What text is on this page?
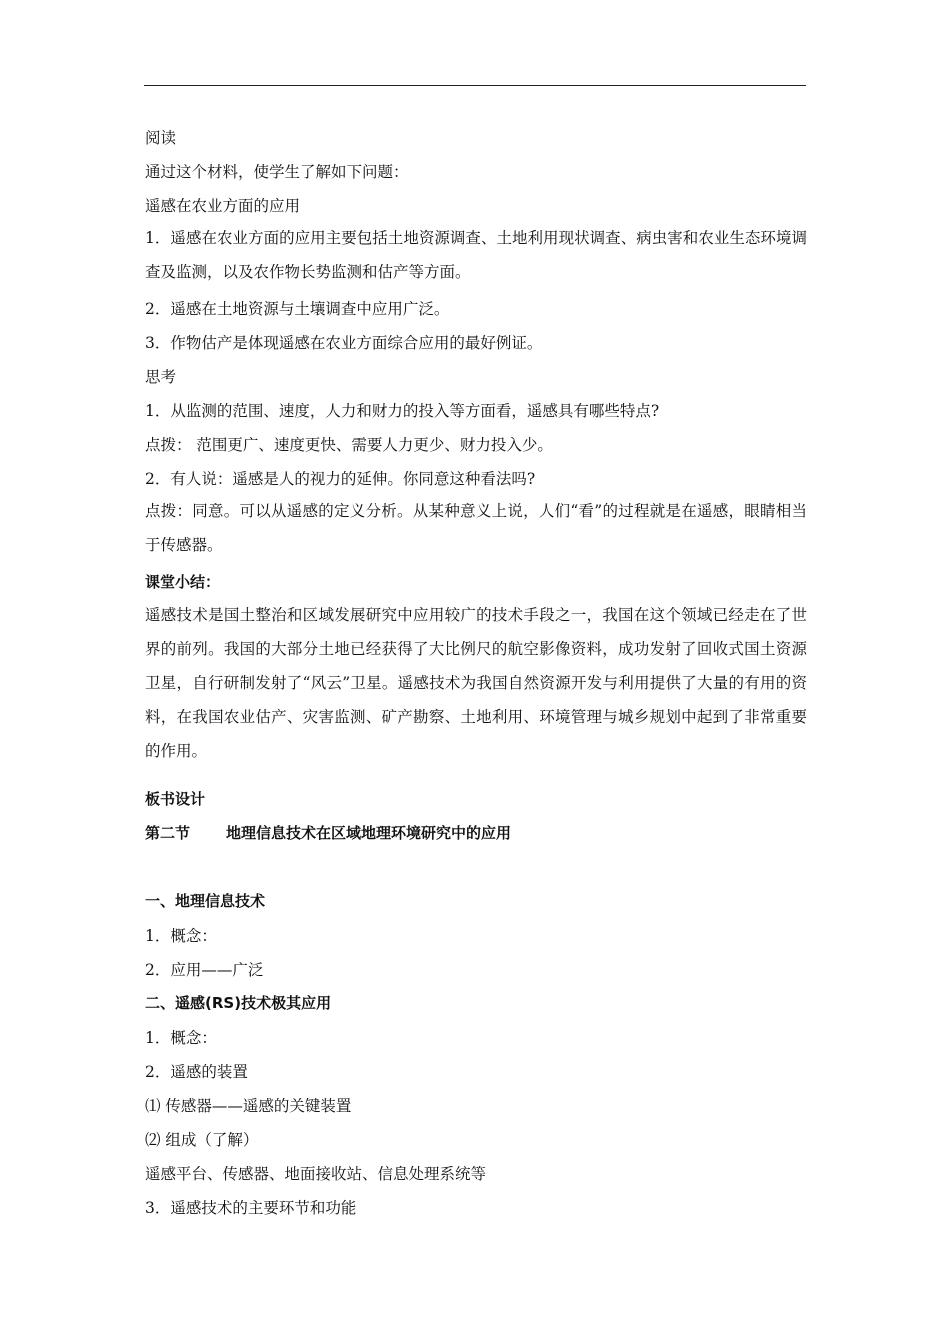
阅读
通过这个材料，使学生了解如下问题：
遥感在农业方面的应用
1．遥感在农业方面的应用主要包括土地资源调查、土地利用现状调查、病虫害和农业生态环境调查及监测，以及农作物长势监测和估产等方面。
2．遥感在土地资源与土壤调查中应用广泛。
3．作物估产是体现遥感在农业方面综合应用的最好例证。
思考
1．从监测的范围、速度，人力和财力的投入等方面看，遥感具有哪些特点?
点拨： 范围更广、速度更快、需要人力更少、财力投入少。
2．有人说：遥感是人的视力的延伸。你同意这种看法吗?
点拨：同意。可以从遥感的定义分析。从某种意义上说，人们“看”的过程就是在遥感，眼睛相当于传感器。
课堂小结：
遥感技术是国土整治和区域发展研究中应用较广的技术手段之一，我国在这个领域已经走在了世界的前列。我国的大部分土地已经获得了大比例尺的航空影像资料，成功发射了回收式国土资源卫星，自行研制发射了“风云”卫星。遥感技术为我国自然资源开发与利用提供了大量的有用的资料，在我国农业估产、灾害监测、矿产勘察、土地利用、环境管理与城乡规划中起到了非常重要的作用。
板书设计
第二节 地理信息技术在区域地理环境研究中的应用
一、地理信息技术
1．概念：
2．应用——广泛
二、遥感(RS)技术极其应用
1．概念：
2．遥感的装置
⑴ 传感器——遥感的关键装置
⑵ 组成（了解）
遥感平台、传感器、地面接收站、信息处理系统等
3．遥感技术的主要环节和功能
